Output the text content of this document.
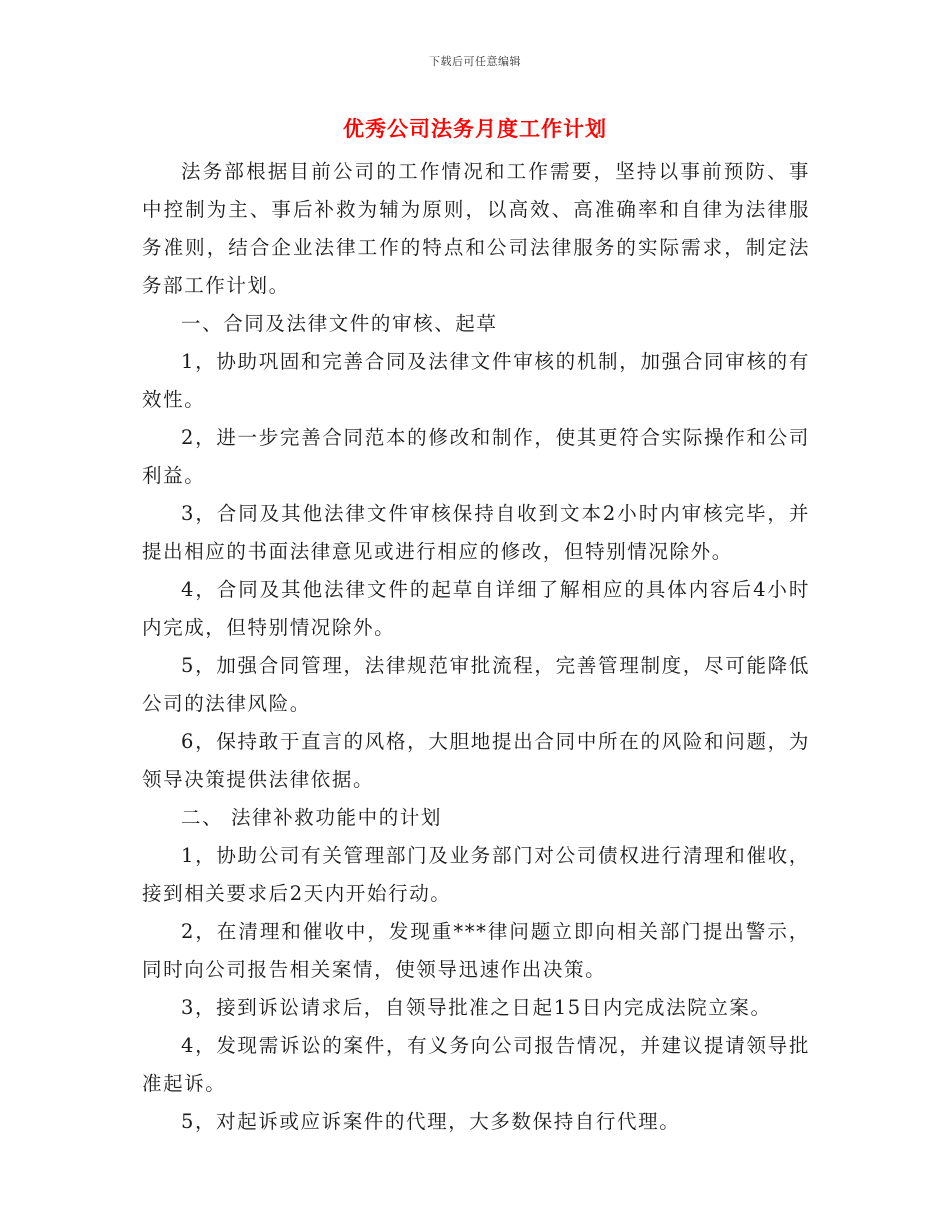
下载后可任意编辑
优秀公司法务月度工作计划

法务部根据目前公司的工作情况和工作需要，坚持以事前预防、事中控制为主、事后补救为辅为原则，以高效、高准确率和自律为法律服务准则，结合企业法律工作的特点和公司法律服务的实际需求，制定法务部工作计划。

一、合同及法律文件的审核、起草

1，协助巩固和完善合同及法律文件审核的机制，加强合同审核的有效性。

2，进一步完善合同范本的修改和制作，使其更符合实际操作和公司利益。

3，合同及其他法律文件审核保持自收到文本2小时内审核完毕，并提出相应的书面法律意见或进行相应的修改，但特别情况除外。

4，合同及其他法律文件的起草自详细了解相应的具体内容后4小时内完成，但特别情况除外。

5，加强合同管理，法律规范审批流程，完善管理制度，尽可能降低公司的法律风险。

6，保持敢于直言的风格，大胆地提出合同中所在的风险和问题，为领导决策提供法律依据。

二、 法律补救功能中的计划

1，协助公司有关管理部门及业务部门对公司债权进行清理和催收，接到相关要求后2天内开始行动。

2，在清理和催收中，发现重***律问题立即向相关部门提出警示，同时向公司报告相关案情，使领导迅速作出决策。

3，接到诉讼请求后，自领导批准之日起15日内完成法院立案。

4，发现需诉讼的案件，有义务向公司报告情况，并建议提请领导批准起诉。

5，对起诉或应诉案件的代理，大多数保持自行代理。
